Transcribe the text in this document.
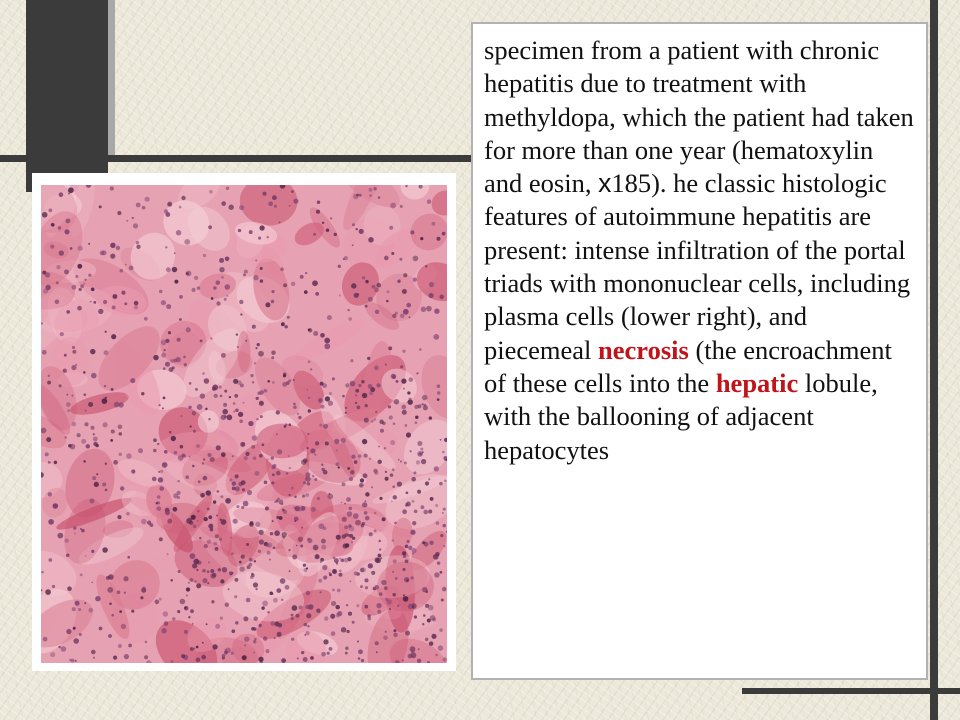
specimen from a patient with chronic hepatitis due to treatment with methyldopa, which the patient had taken for more than one year (hematoxylin and eosin, x185). he classic histologic features of autoimmune hepatitis are present: intense infiltration of the portal triads with mononuclear cells, including plasma cells (lower right), and piecemeal necrosis (the encroachment of these cells into the hepatic lobule, with the ballooning of adjacent hepatocytes
